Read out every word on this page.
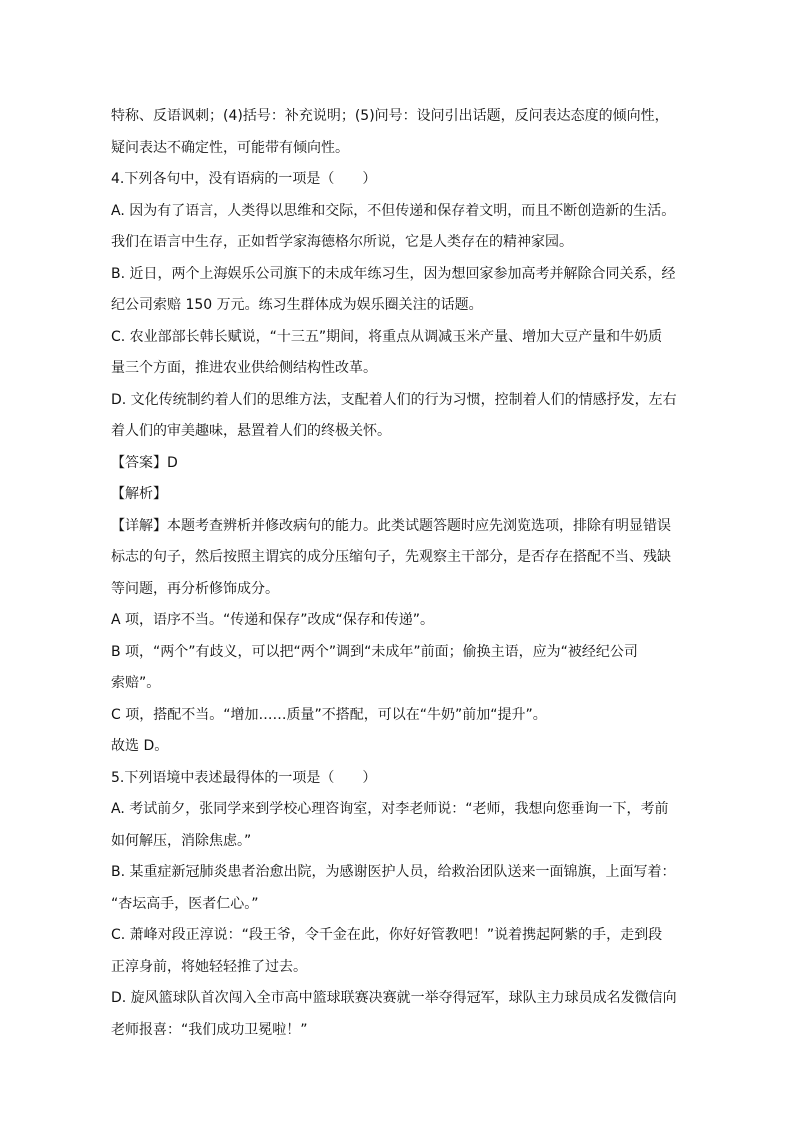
特称、反语讽刺；(4)括号：补充说明；(5)问号：设问引出话题，反问表达态度的倾向性，
疑问表达不确定性，可能带有倾向性。
4.下列各句中，没有语病的一项是（　　）
A. 因为有了语言，人类得以思维和交际，不但传递和保存着文明，而且不断创造新的生活。
我们在语言中生存，正如哲学家海德格尔所说，它是人类存在的精神家园。
B. 近日，两个上海娱乐公司旗下的未成年练习生，因为想回家参加高考并解除合同关系，经
纪公司索赔 150 万元。练习生群体成为娱乐圈关注的话题。
C. 农业部部长韩长赋说，“十三五”期间，将重点从调减玉米产量、增加大豆产量和牛奶质
量三个方面，推进农业供给侧结构性改革。
D. 文化传统制约着人们的思维方法，支配着人们的行为习惯，控制着人们的情感抒发，左右
着人们的审美趣味，悬置着人们的终极关怀。
【答案】D
【解析】
【详解】本题考查辨析并修改病句的能力。此类试题答题时应先浏览选项，排除有明显错误
标志的句子，然后按照主谓宾的成分压缩句子，先观察主干部分，是否存在搭配不当、残缺
等问题，再分析修饰成分。
A 项，语序不当。“传递和保存”改成“保存和传递”。
B 项，“两个”有歧义，可以把“两个”调到“未成年”前面；偷换主语，应为“被经纪公司
索赔”。
C 项，搭配不当。“增加……质量”不搭配，可以在“牛奶”前加“提升”。
故选 D。
5.下列语境中表述最得体的一项是（　　）
A. 考试前夕，张同学来到学校心理咨询室，对李老师说：“老师，我想向您垂询一下，考前
如何解压，消除焦虑。”
B. 某重症新冠肺炎患者治愈出院，为感谢医护人员，给救治团队送来一面锦旗，上面写着：
“杏坛高手，医者仁心。”
C. 萧峰对段正淳说：“段王爷，令千金在此，你好好管教吧！”说着携起阿紫的手，走到段
正淳身前，将她轻轻推了过去。
D. 旋风篮球队首次闯入全市高中篮球联赛决赛就一举夺得冠军，球队主力球员成名发微信向
老师报喜：“我们成功卫冕啦！”
